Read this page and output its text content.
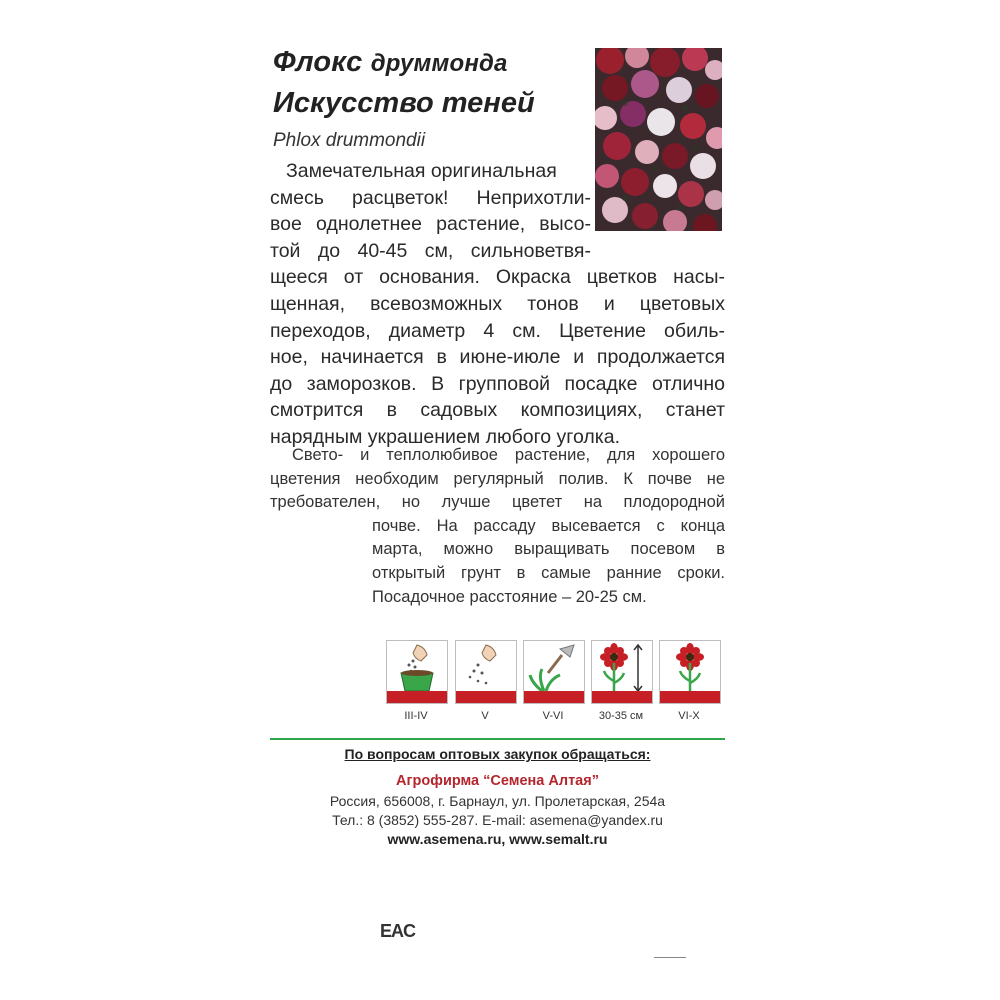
Флокс друммонда
Искусство теней
Phlox drummondii
Замечательная оригинальная
смесь расцветок! Неприхотли-
вое однолетнее растение, высо-
той до 40-45 см, сильноветвя-
щееся от основания. Окраска цветков насы-
щенная, всевозможных тонов и цветовых
переходов, диаметр 4 см. Цветение обиль-
ное, начинается в июне-июле и продолжается
до заморозков. В групповой посадке отлично
смотрится в садовых композициях, станет
нарядным украшением любого уголка.
Свето- и теплолюбивое растение, для хорошего
цветения необходим регулярный полив. К почве не
требователен, но лучше цветет на плодородной
почве. На рассаду высевается с конца
марта, можно выращивать посевом в
открытый грунт в самые ранние сроки.
Посадочное расстояние – 20-25 см.
III-IV	V	V-VI	30-35 см	VI-X
По вопросам оптовых закупок обращаться:
Агрофирма “Семена Алтая”
Россия, 656008, г. Барнаул, ул. Пролетарская, 254а
Тел.: 8 (3852) 555-287. E-mail: asemena@yandex.ru
www.asemena.ru, www.semalt.ru
EAC
